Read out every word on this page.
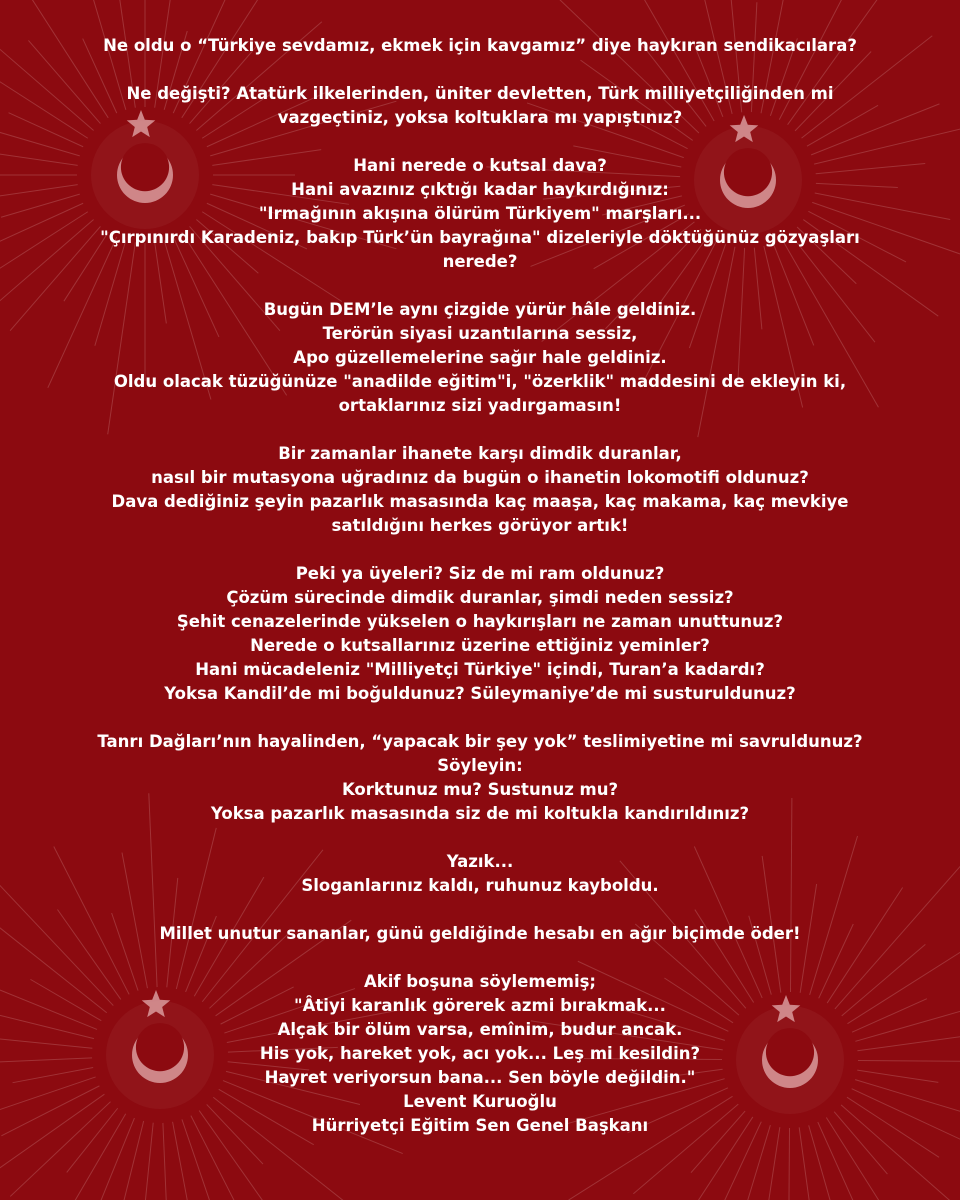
Ne oldu o “Türkiye sevdamız, ekmek için kavgamız” diye haykıran sendikacılara?

Ne değişti? Atatürk ilkelerinden, üniter devletten, Türk milliyetçiliğinden mi
vazgeçtiniz, yoksa koltuklara mı yapıştınız?

Hani nerede o kutsal dava?
Hani avazınız çıktığı kadar haykırdığınız:
"Irmağının akışına ölürüm Türkiyem" marşları...
"Çırpınırdı Karadeniz, bakıp Türk’ün bayrağına" dizeleriyle döktüğünüz gözyaşları
nerede?

Bugün DEM’le aynı çizgide yürür hâle geldiniz.
Terörün siyasi uzantılarına sessiz,
Apo güzellemelerine sağır hale geldiniz.
Oldu olacak tüzüğünüze "anadilde eğitim"i, "özerklik" maddesini de ekleyin ki,
ortaklarınız sizi yadırgamasın!

Bir zamanlar ihanete karşı dimdik duranlar,
nasıl bir mutasyona uğradınız da bugün o ihanetin lokomotifi oldunuz?
Dava dediğiniz şeyin pazarlık masasında kaç maaşa, kaç makama, kaç mevkiye
satıldığını herkes görüyor artık!

Peki ya üyeleri? Siz de mi ram oldunuz?
Çözüm sürecinde dimdik duranlar, şimdi neden sessiz?
Şehit cenazelerinde yükselen o haykırışları ne zaman unuttunuz?
Nerede o kutsallarınız üzerine ettiğiniz yeminler?
Hani mücadeleniz "Milliyetçi Türkiye" içindi, Turan’a kadardı?
Yoksa Kandil’de mi boğuldunuz? Süleymaniye’de mi susturuldunuz?

Tanrı Dağları’nın hayalinden, “yapacak bir şey yok” teslimiyetine mi savruldunuz?
Söyleyin:
Korktunuz mu? Sustunuz mu?
Yoksa pazarlık masasında siz de mi koltukla kandırıldınız?

Yazık...
Sloganlarınız kaldı, ruhunuz kayboldu.

Millet unutur sananlar, günü geldiğinde hesabı en ağır biçimde öder!

Akif boşuna söylememiş;
"Âtiyi karanlık görerek azmi bırakmak...
Alçak bir ölüm varsa, emînim, budur ancak.
His yok, hareket yok, acı yok... Leş mi kesildin?
Hayret veriyorsun bana... Sen böyle değildin."
Levent Kuruoğlu
Hürriyetçi Eğitim Sen Genel Başkanı
